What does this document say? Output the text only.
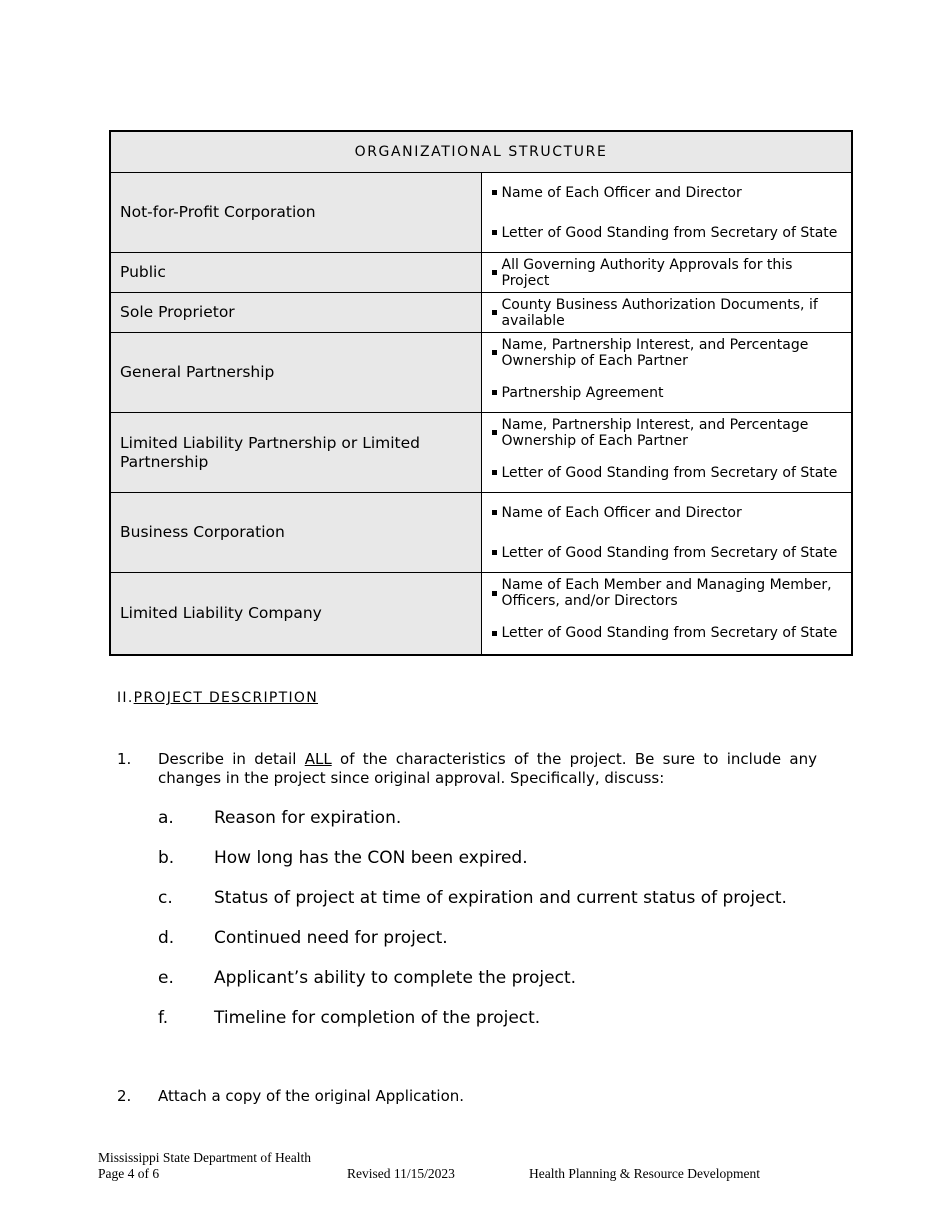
ORGANIZATIONAL STRUCTURE	
Not-for-Profit Corporation	Name of Each Officer and Director
Letter of Good Standing from Secretary of State

Public	All Governing Authority Approvals for this Project

Sole Proprietor	County Business Authorization Documents, if available

General Partnership	Name, Partnership Interest, and Percentage Ownership of Each Partner
Partnership Agreement

Limited Liability Partnership or Limited Partnership	Name, Partnership Interest, and Percentage Ownership of Each Partner
Letter of Good Standing from Secretary of State

Business Corporation	Name of Each Officer and Director
Letter of Good Standing from Secretary of State

Limited Liability Company	Name of Each Member and Managing Member, Officers, and/or Directors
Letter of Good Standing from Secretary of State
II.PROJECT DESCRIPTION
1. Describe in detail ALL of the characteristics of the project. Be sure to include any changes in the project since original approval. Specifically, discuss:
a. Reason for expiration.
b. How long has the CON been expired.
c. Status of project at time of expiration and current status of project.
d. Continued need for project.
e. Applicant’s ability to complete the project.
f.	Timeline for completion of the project.
2. Attach a copy of the original Application.
Mississippi State Department of Health
Page 4 of 6	Revised 11/15/2023	Health Planning & Resource Development
